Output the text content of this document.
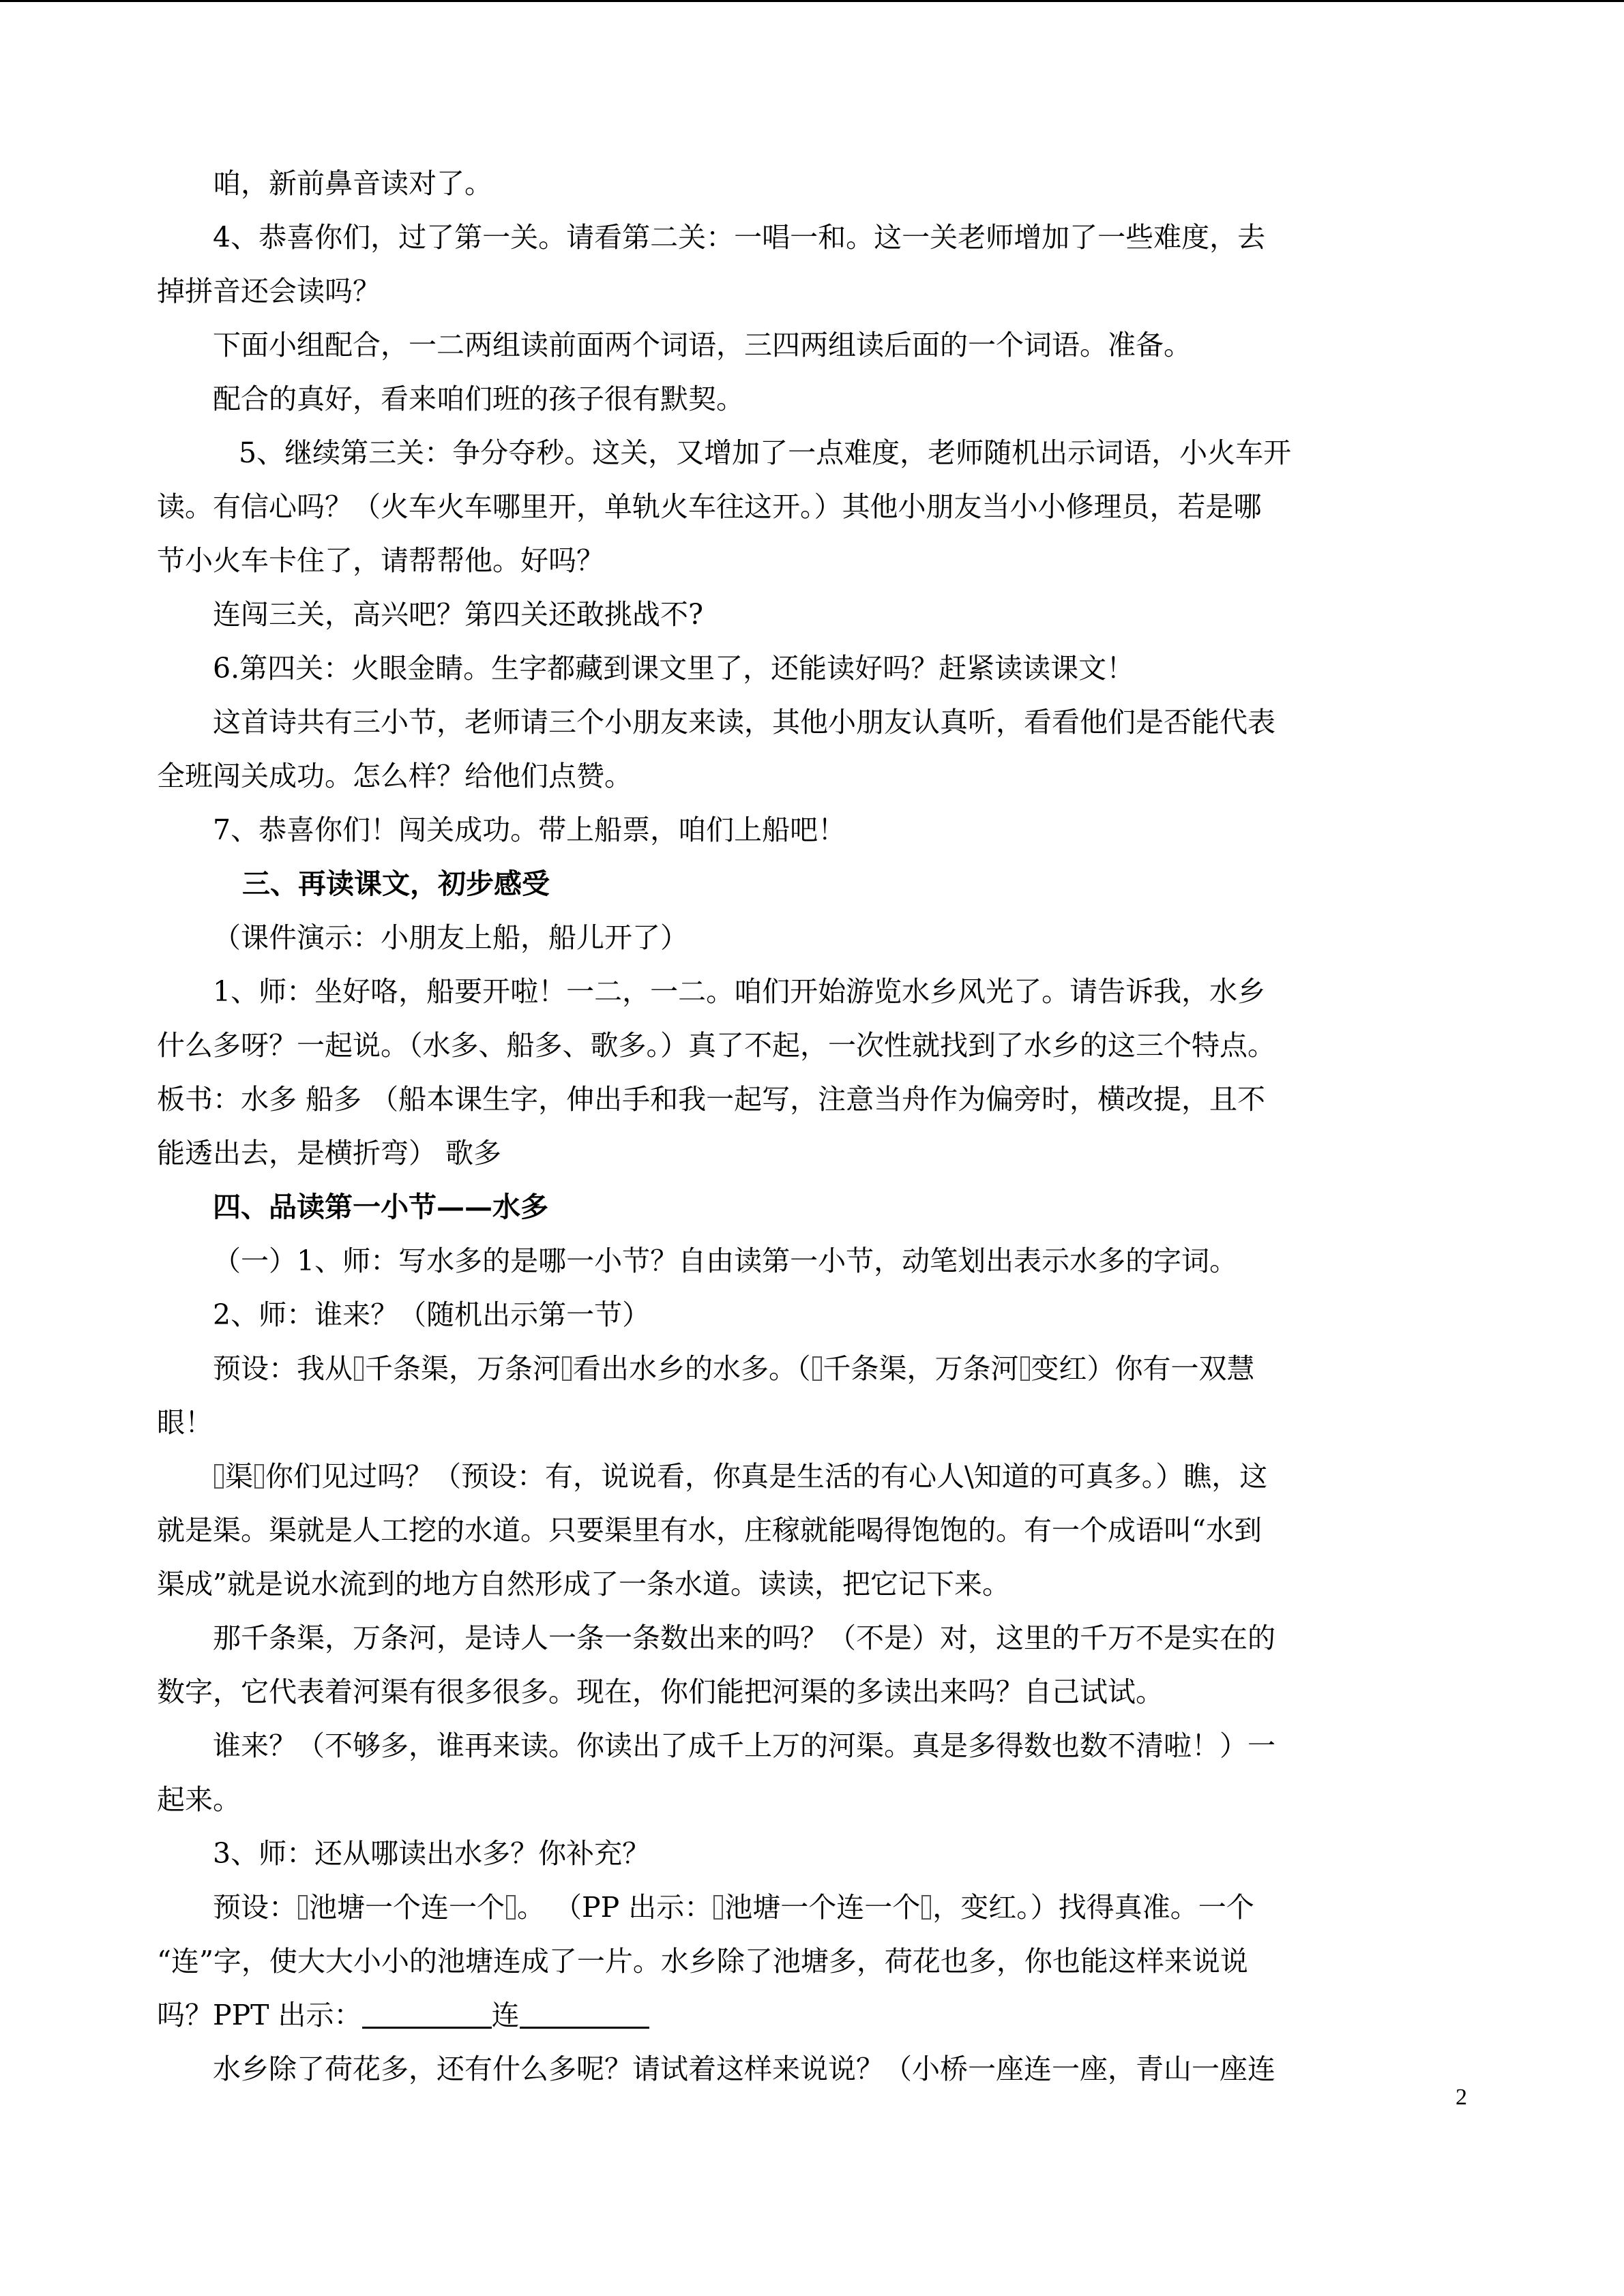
咱，新前鼻音读对了。
4、恭喜你们，过了第一关。请看第二关：一唱一和。这一关老师增加了一些难度，去
掉拼音还会读吗？
下面小组配合，一二两组读前面两个词语，三四两组读后面的一个词语。准备。
配合的真好，看来咱们班的孩子很有默契。
5、继续第三关：争分夺秒。这关，又增加了一点难度，老师随机出示词语，小火车开
读。有信心吗？（火车火车哪里开，单轨火车往这开。）其他小朋友当小小修理员，若是哪
节小火车卡住了，请帮帮他。好吗？
连闯三关，高兴吧？第四关还敢挑战不?
6.第四关：火眼金睛。生字都藏到课文里了，还能读好吗？赶紧读读课文！
这首诗共有三小节，老师请三个小朋友来读，其他小朋友认真听，看看他们是否能代表
全班闯关成功。怎么样？给他们点赞。
7、恭喜你们！闯关成功。带上船票，咱们上船吧！
三、再读课文，初步感受
（课件演示：小朋友上船，船儿开了）
1、师：坐好咯，船要开啦！一二，一二。咱们开始游览水乡风光了。请告诉我，水乡
什么多呀？一起说。（水多、船多、歌多。）真了不起，一次性就找到了水乡的这三个特点。
板书：水多 船多 （船本课生字，伸出手和我一起写，注意当舟作为偏旁时，横改提，且不
能透出去，是横折弯） 歌多
四、品读第一小节——水多
（一）1、师：写水多的是哪一小节？自由读第一小节，动笔划出表示水多的字词。
2、师：谁来？（随机出示第一节）
预设：我从 千条渠，万条河 看出水乡的水多。（ 千条渠，万条河 变红）你有一双慧
眼！
渠 你们见过吗？（预设：有，说说看，你真是生活的有心人\知道的可真多。）瞧，这
就是渠。渠就是人工挖的水道。只要渠里有水，庄稼就能喝得饱饱的。有一个成语叫“水到
渠成”就是说水流到的地方自然形成了一条水道。读读，把它记下来。
那千条渠，万条河，是诗人一条一条数出来的吗？（不是）对，这里的千万不是实在的
数字，它代表着河渠有很多很多。现在，你们能把河渠的多读出来吗？自己试试。
谁来？（不够多，谁再来读。你读出了成千上万的河渠。真是多得数也数不清啦！）一
起来。
3、师：还从哪读出水多？你补充？
预设： 池塘一个连一个 。 （PP 出示： 池塘一个连一个 ，变红。）找得真准。一个
“连”字，使大大小小的池塘连成了一片。水乡除了池塘多，荷花也多，你也能这样来说说
吗？PPT 出示：	连
水乡除了荷花多，还有什么多呢？请试着这样来说说？（小桥一座连一座，青山一座连
2
